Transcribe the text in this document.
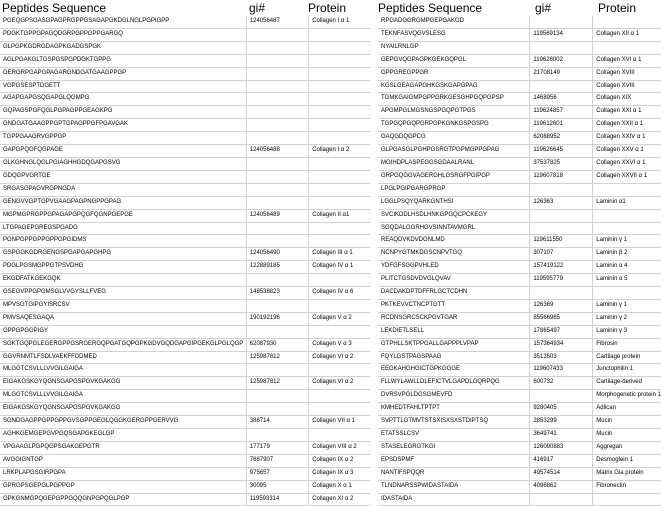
Peptides Sequence	gi#	Protein
PGEQGPSGASGPAGPRGPPGSAGAPGKDGLNGLPGPIGPP	124056487	Collagen I α 1
PDGKTGPPGPAGQDGRPGPPGPPGARGQ		
GLPGPKGDRGDAGPKGADGSPGK		
AGLPGAKGLTGSPGSPGPDGKTGPPG		
GERGRPGAPGPAGARGNDGATGAAGPPGP		
VGPGSESPTDGETT		
AGAPGAPGSQGAPGLQGMPG		
GQPAGSPGFQGLPGPAGPPGEAGKPG		
GNDGATGAAGPPGPTGPAGPPGFPGAVGAK		
TGPPGAAGRVGPPGP		
GAPGPQGFQGPAGE	124056488	Collagen I α 2
GLKGHNGLQGLPGIAGHHGDQGAPGSVG		
GDQGPVGRTGE		
SRGASGPAGVRGPNGDA		
GENGVVGPTGPVGAAGPAGPNGPPGPAG		
MGPMGPRGPPGPAGAPGPQGFQGNPGEPGE	124056489	Collagen II α1
LTGPAGEPGREGSPGADG		
PGNPGPPGPPGPPGPGIDMS		
GSPGGKGDRGENGSPGAPGAPGHPG	124056490	Collagen III α 1
PDGLPGSMGPPGTPSVDHG	122889185	Collagen IV α 1
EKGDFATKGEKGQK		
GSEGVPPGPGMSGLVVGYSLLFVEG	148538823	Collagen IV α 6
MPVSGTGIPGYISRCSV		
PMVSAQESGAQA	190192196	Collagen V α 2
GPPGPGGPIGY		
SGKTGQPGLEGERGPPGSRGERGQPGATGQPGPKGDVGQDGAPGIPGEKGLPGLQGP	62087930	Collagen V α 3
GGVRNMTLFSDLVAEKFFDDMED	125987812	Collagen VI α 2
MLGGTCSVLLLVVGILGAIGA		
EIGAKGSKGYQGNSGAPGSPGVKGAKGG	125987812	Collagen VI α 2
MLGGTCSVLLLVVGILGAIGA		
EIGAKGSKGYQGNSGAPGSPGVKGAKGG		
SGNDGAGPPGPPGPPGVSGPPGEGLQGGKGERGPPGERVVG	388714	Collagen VII α 1
AGHKGEMGEPGVPGQSGAPGKEGLGP		
VPGAAGLPGPQGPSGAKGEPGTR	177179	Collagen VIII α 2
AVGGIGNTGP	7687907	Collagen IX α 2
LRKPLAPGSGIRPGPA	975657	Collagen IX α 3
GPRGPSGEPGLPGPPGP	30095	Collagen X α 1
GPKGNMGPQGEPGPPGQQGNPGPQGLPGP	119593314	Collagen XI α 2
Peptides Sequence	gi#	Protein
RPGADGGRGMPGEPGAKGD		
TEKNFASVQGVSLESG	119569134	Collagen XII α 1
NYAILRNLGP		
GEPGVQGPAGPKGEKGQPGL	119628002	Collagen XVI α 1
GPPGREGPPGR	21708149	Collagen XVIII
KGSLGEAGAPGHKGSKGAPGPAG		Collagen XVIII
TGMKGAIGMPGPPGRKGESGHPGQPGPSP	1468956	Collagen XIX
APGMPGLMGSNGSPGQPGTPGS	119624857	Collagen XXI α 1
TGPGQPGQPGRPGPKGNKGSPGSPG	119612601	Collagen XXII α 1
GAQGDQGPCG	62088952	Collagen XXIV α 1
GLPGASGLPGHPGSRGTPGPMGPPGPAG	119626645	Collagen XXV α 1
MGIHDPLASPEGGSGDAALRANL	37537825	Collagen XXVI α 1
GRPGQGGVAGERGHLGSRGFPGIPGP	119607818	Collagen XXVII α 1
LPGLPGIPGARGPRGP		
LGGLPSQYQARKGNTHSI	126363	Laminin α1
SVCIKDDLHSDLHNKGPGQCPCKEGY		
SGQDALGGRHGVSINNTAVMGRL		
REAQDVKDVDGNLMD	119611550	Laminin γ 1
NCNPYGTMKDGSCNPVTGQ	307107	Laminin β 2
YDFGFSGGPVHLED	157419122	Laminin α 4
PLITCTGSDVDVGLQVAV	119595779	Laminin α 5
DACDAKDPTDFFRLGCTCDHN		
PKTKEVVCTNCPTGTT	126369	Laminin γ 1
RCDNSGRCSCKPGVTGAR	85566965	Laminin γ 2
LEKDIETLSELL	17865497	Laminin γ 3
GTPHLLSKTPPGALLGAPPPLVPAP	157364934	Fibrosin
FQYLGSTPAGSPAAG	3513503	Cartilage protein
EEGKAHGHGICTGPKGGGE	119607433	Junctophilin 1
FLLWYLAWLLDLEFICTVLGAPDLGQRPQG	600732	Cartilage-derived
DVRSVPGLDGSGMEVFD		Morphogenetic protein 1
KMHEDTFAHLTPTPT	9280405	Adlican
SVPTTLGTMVTSTSXISXSXSTDIPTSQ	2853299	Mucin
ETATSSLCSV	3649741	Mucin
STASELEGRGTKGI	126090883	Aggregan
EPSDSPMF	416917	Desmoglein 1
NANTIFSPQQR	49574514	Matrix Gla protein
TLNDNARSSPWIDASTAIDA	4096862	Fibronectin
IDASTAIDA		
